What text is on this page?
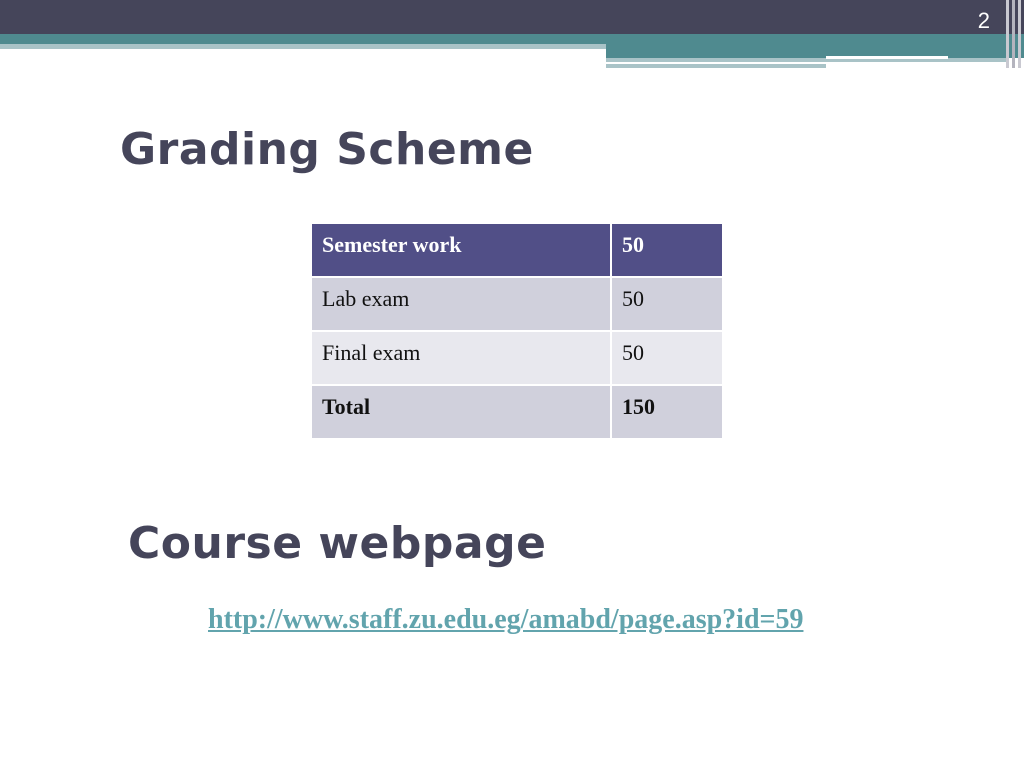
2
Grading Scheme
Semester work	50
Lab exam	50
Final exam	50
Total	150
Course webpage
http://www.staff.zu.edu.eg/amabd/page.asp?id=59
